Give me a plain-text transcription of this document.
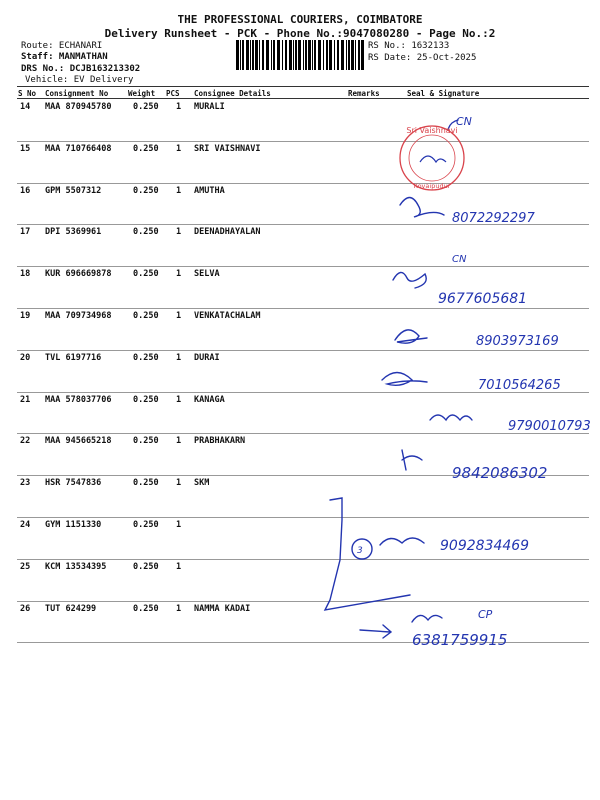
THE PROFESSIONAL COURIERS, COIMBATORE
Delivery Runsheet - PCK - Phone No.:9047080280 - Page No.:2
Route: ECHANARI
Staff: MANMATHAN
DRS No.: DCJB163213302
Vehicle: EV Delivery
RS No.: 1632133
RS Date: 25-Oct-2025
S No Consignment No	Weight PCS Consignee Details	Remarks	Seal & Signature
14 MAA 870945780	0.250 1 MURALI
15 MAA 710766408	0.250 1 SRI VAISHNAVI
16 GPM 5507312	0.250 1 AMUTHA
17 DPI 5369961	0.250 1 DEENADHAYALAN
18 KUR 696669878	0.250 1 SELVA
19 MAA 709734968	0.250 1 VENKATACHALAM
20 TVL 6197716	0.250 1 DURAI
21 MAA 578037706	0.250 1 KANAGA
22 MAA 945665218	0.250 1 PRABHAKARN
23 HSR 7547836	0.250 1 SKM
24 GYM 1151330	0.250 1
25 KCM 13534395	0.250 1
26 TUT 624299	0.250 1 NAMMA KADAI
CN
8072292297
CN
9677605681
8903973169
7010564265
9790010793
9842086302
3	9092834469
CP
6381759915
Sri Vaishnavi
Kovaipudur
